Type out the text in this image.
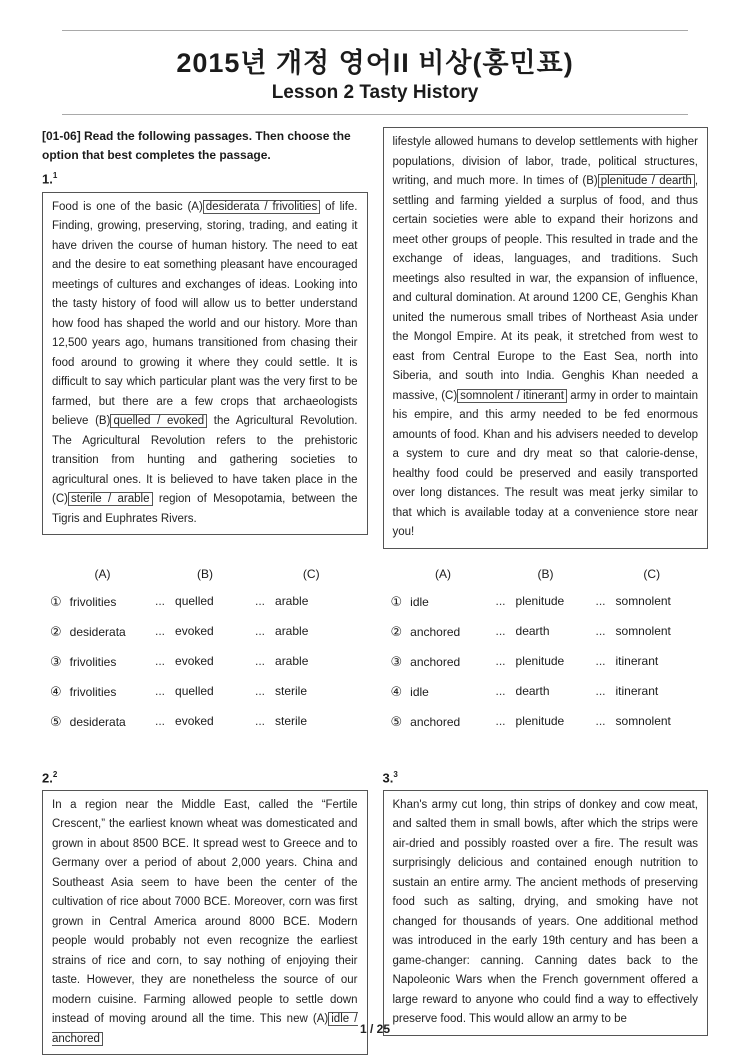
2015년 개정 영어II 비상(홍민표)
Lesson 2 Tasty History

[01-06] Read the following passages. Then choose the option that best completes the passage.

1.$^1$

Food is one of the basic (A) desiderata / frivolities of life. Finding, growing, preserving, storing, trading, and eating it have driven the course of human history. The need to eat and the desire to eat something pleasant have encouraged meetings of cultures and exchanges of ideas. Looking into the tasty history of food will allow us to better understand how food has shaped the world and our history. More than 12,500 years ago, humans transitioned from chasing their food around to growing it where they could settle. It is difficult to say which particular plant was the very first to be farmed, but there are a few crops that archaeologists believe (B) quelled / evoked the Agricultural Revolution. The Agricultural Revolution refers to the prehistoric transition from hunting and gathering societies to agricultural ones. It is believed to have taken place in the (C) sterile / arable region of Mesopotamia, between the Tigris and Euphrates Rivers.
lifestyle allowed humans to develop settlements with higher populations, division of labor, trade, political structures, writing, and much more. In times of (B) plenitude / dearth , settling and farming yielded a surplus of food, and thus certain societies were able to expand their horizons and meet other groups of people. This resulted in trade and the exchange of ideas, languages, and traditions. Such meetings also resulted in war, the expansion of influence, and cultural domination. At around 1200 CE, Genghis Khan united the numerous small tribes of Northeast Asia under the Mongol Empire. At its peak, it stretched from west to east from Central Europe to the East Sea, north into Siberia, and south into India. Genghis Khan needed a massive, (C) somnolent / itinerant army in order to maintain his empire, and this army needed to be fed enormous amounts of food. Khan and his advisers needed to develop a system to cure and dry meat so that calorie-dense, healthy food could be preserved and easily transported over long distances. The result was meat jerky similar to that which is available today at a convenience store near you!
(A)	(B)	(C)
① frivolities	... quelled	... arable
② desiderata ... evoked	... arable
③ frivolities	... evoked	... arable
④ frivolities	... quelled	... sterile
⑤ desiderata ... evoked	... sterile
(A)	(B)	(C)
① idle	... plenitude	... somnolent
② anchored	... dearth	... somnolent
③ anchored	... plenitude	... itinerant
④ idle	... dearth	... itinerant
⑤ anchored	... plenitude	... somnolent

2.$^2$

In a region near the Middle East, called the “Fertile Crescent,” the earliest known wheat was domesticated and grown in about 8500 BCE. It spread west to Greece and to Germany over a period of about 2,000 years. China and Southeast Asia seem to have been the center of the cultivation of rice about 7000 BCE. Moreover, corn was first grown in Central America around 8000 BCE. Modern people would probably not even recognize the earliest strains of rice and corn, to say nothing of enjoying their taste. However, they are nonetheless the source of our modern cuisine. Farming allowed people to settle down instead of moving around all the time. This new (A) idle / anchored

3.$^3$

Khan's army cut long, thin strips of donkey and cow meat, and salted them in small bowls, after which the strips were air-dried and possibly roasted over a fire. The result was surprisingly delicious and contained enough nutrition to sustain an entire army. The ancient methods of preserving food such as salting, drying, and smoking have not changed for thousands of years. One additional method was introduced in the early 19th century and has been a game-changer: canning. Canning dates back to the Napoleonic Wars when the French government offered a large reward to anyone who could find a way to effectively preserve food. This would allow an army to be
1 / 25
